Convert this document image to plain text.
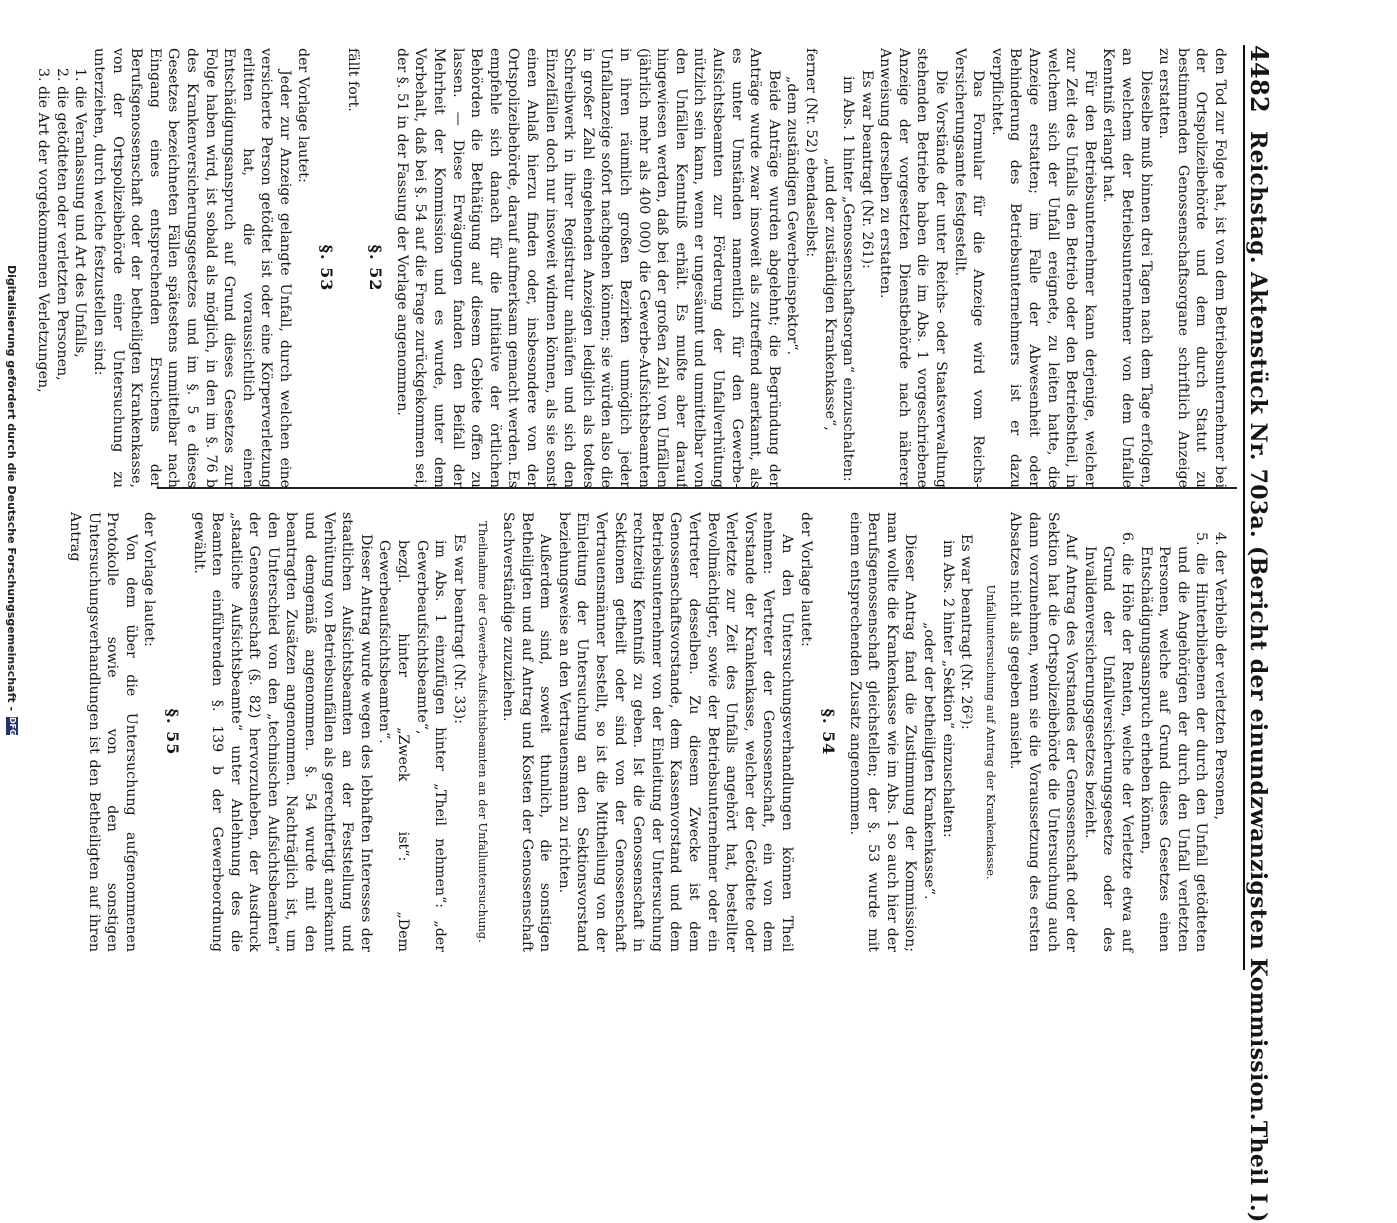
4482
Reichstag. Aktenstück Nr. 703a. (Bericht der einundzwanzigsten Kommission.
Theil I.)

den Tod zur Folge hat, ist von dem Betriebsunternehmer bei der Ortspolizeibehörde und dem durch Statut zu bestimmenden Genossenschaftsorgane schriftlich Anzeige zu erstatten.

Dieselbe muß binnen drei Tagen nach dem Tage erfolgen, an welchem der Betriebsunternehmer von dem Unfalle Kenntniß erlangt hat.

Für den Betriebsunternehmer kann derjenige, welcher zur Zeit des Unfalls den Betrieb oder den Betriebstheil, in welchem sich der Unfall ereignete, zu leiten hatte, die Anzeige erstatten; im Falle der Abwesenheit oder Behinderung des Betriebsunternehmers ist er dazu verpflichtet.

Das Formular für die Anzeige wird vom Reichs-Versicherungsamte festgestellt.

Die Vorstände der unter Reichs- oder Staatsverwaltung stehenden Betriebe haben die im Abs. 1 vorgeschriebene Anzeige der vorgesetzten Dienstbehörde nach näherer Anweisung derselben zu erstatten.

Es war beantragt (Nr. 261):

im Abs. 1 hinter „Genossenschaftsorgan“ einzuschalten:

„und der zuständigen Krankenkasse“,

ferner (Nr. 52) ebendaselbst:

„dem zuständigen Gewerbeinspektor“.

Beide Anträge wurden abgelehnt; die Begründung der Anträge wurde zwar insoweit als zutreffend anerkannt, als es unter Umständen namentlich für den Gewerbe-Aufsichtsbeamten zur Förderung der Unfallverhütung nützlich sein kann, wenn er ungesäumt und unmittelbar von den Unfällen Kenntniß erhält. Es mußte aber darauf hingewiesen werden, daß bei der großen Zahl von Unfällen (jährlich mehr als 400 000) die Gewerbe-Aufsichtsbeamten in ihren räumlich großen Bezirken unmöglich jeder Unfallanzeige sofort nachgehen können; sie würden also die in großer Zahl eingehenden Anzeigen lediglich als todtes Schreibwerk in ihrer Registratur anhäufen und sich den Einzelfällen doch nur insoweit widmen können, als sie sonst einen Anlaß hierzu finden oder, insbesondere von der Ortspolizeibehörde, darauf aufmerksam gemacht werden. Es empfehle sich danach für die Initiative der örtlichen Behörden die Bethätigung auf diesem Gebiete offen zu lassen. — Diese Erwägungen fanden den Beifall der Mehrheit der Kommission und es wurde, unter dem Vorbehalt, daß bei §. 54 auf die Frage zurückgekommen sei, der §. 51 in der Fassung der Vorlage angenommen.

§. 52

fällt fort.

§. 53

der Vorlage lautet:

Jeder zur Anzeige gelangte Unfall, durch welchen eine versicherte Person getödtet ist oder eine Körperverletzung erlitten hat, die voraussichtlich einen Entschädigungsanspruch auf Grund dieses Gesetzes zur Folge haben wird, ist sobald als möglich, in den im §. 76 b des Krankenversicherungsgesetzes und im §. 5 e dieses Gesetzes bezeichneten Fällen spätestens unmittelbar nach Eingang eines entsprechenden Ersuchens der Berufsgenossenschaft oder der betheiligten Krankenkasse, von der Ortspolizeibehörde einer Untersuchung zu unterziehen, durch welche festzustellen sind:

1. die Veranlassung und Art des Unfalls,
2. die getödteten oder verletzten Personen,
3. die Art der vorgekommenen Verletzungen,
4. der Verbleib der verletzten Personen,
5. die Hinterbliebenen der durch den Unfall getödteten und die Angehörigen der durch den Unfall verletzten Personen, welche auf Grund dieses Gesetzes einen Entschädigungsanspruch erheben können,
6. die Höhe der Renten, welche der Verletzte etwa auf Grund der Unfallversicherungsgesetze oder des Invalidenversicherungsgesetzes bezieht.

Auf Antrag des Vorstandes der Genossenschaft oder der Sektion hat die Ortspolizeibehörde die Untersuchung auch dann vorzunehmen, wenn sie die Voraussetzung des ersten Absatzes nicht als gegeben ansieht.

Unfalluntersuchung auf Antrag der Krankenkasse.

Es war beantragt (Nr. 26²):

im Abs. 2 hinter „Sektion“ einzuschalten:

„oder der betheiligten Krankenkasse“.

Dieser Antrag fand die Zustimmung der Kommission; man wollte die Krankenkasse wie im Abs. 1 so auch hier der Berufsgenossenschaft gleichstellen; der §. 53 wurde mit einem entsprechenden Zusatz angenommen.

§. 54

der Vorlage lautet:

An den Untersuchungsverhandlungen können Theil nehmen: Vertreter der Genossenschaft, ein von dem Vorstande der Krankenkasse, welcher der Getödtete oder Verletzte zur Zeit des Unfalls angehört hat, bestellter Bevollmächtigter, sowie der Betriebsunternehmer oder ein Vertreter desselben. Zu diesem Zwecke ist dem Genossenschaftsvorstande, dem Kassenvorstand und dem Betriebsunternehmer von der Einleitung der Untersuchung rechtzeitig Kenntniß zu geben. Ist die Genossenschaft in Sektionen getheilt oder sind von der Genossenschaft Vertrauensmänner bestellt, so ist die Mittheilung von der Einleitung der Untersuchung an den Sektionsvorstand beziehungsweise an den Vertrauensmann zu richten.

Außerdem sind, soweit thunlich, die sonstigen Betheiligten und auf Antrag und Kosten der Genossenschaft Sachverständige zuzuziehen.

Theilnahme der Gewerbe-Aufsichtsbeamten an der Unfalluntersuchung.

Es war beantragt (Nr. 33):

im Abs. 1 einzufügen hinter „Theil nehmen“: „der Gewerbeaufsichtsbeamte“,

bezgl. hinter „Zweck ist“: „Dem Gewerbeaufsichtsbeamten“.

Dieser Antrag wurde wegen des lebhaften Interesses der staatlichen Aufsichtsbeamten an der Feststellung und Verhütung von Betriebsunfällen als gerechtfertigt anerkannt und demgemäß angenommen. §. 54 wurde mit den beantragten Zusätzen angenommen. Nachträglich ist, um den Unterschied von den „technischen Aufsichtsbeamten“ der Genossenschaft (§. 82) hervorzuheben, der Ausdruck „staatliche Aufsichtsbeamte“ unter Anlehnung des die Beamten einführenden §. 139 b der Gewerbeordnung gewählt.

§. 55

der Vorlage lautet:

Von dem über die Untersuchung aufgenommenen Protokolle sowie von den sonstigen Untersuchungsverhandlungen ist den Betheiligten auf ihren Antrag

Digitalisierung gefördert durch die Deutsche Forschungsgemeinschaft -
DFG
